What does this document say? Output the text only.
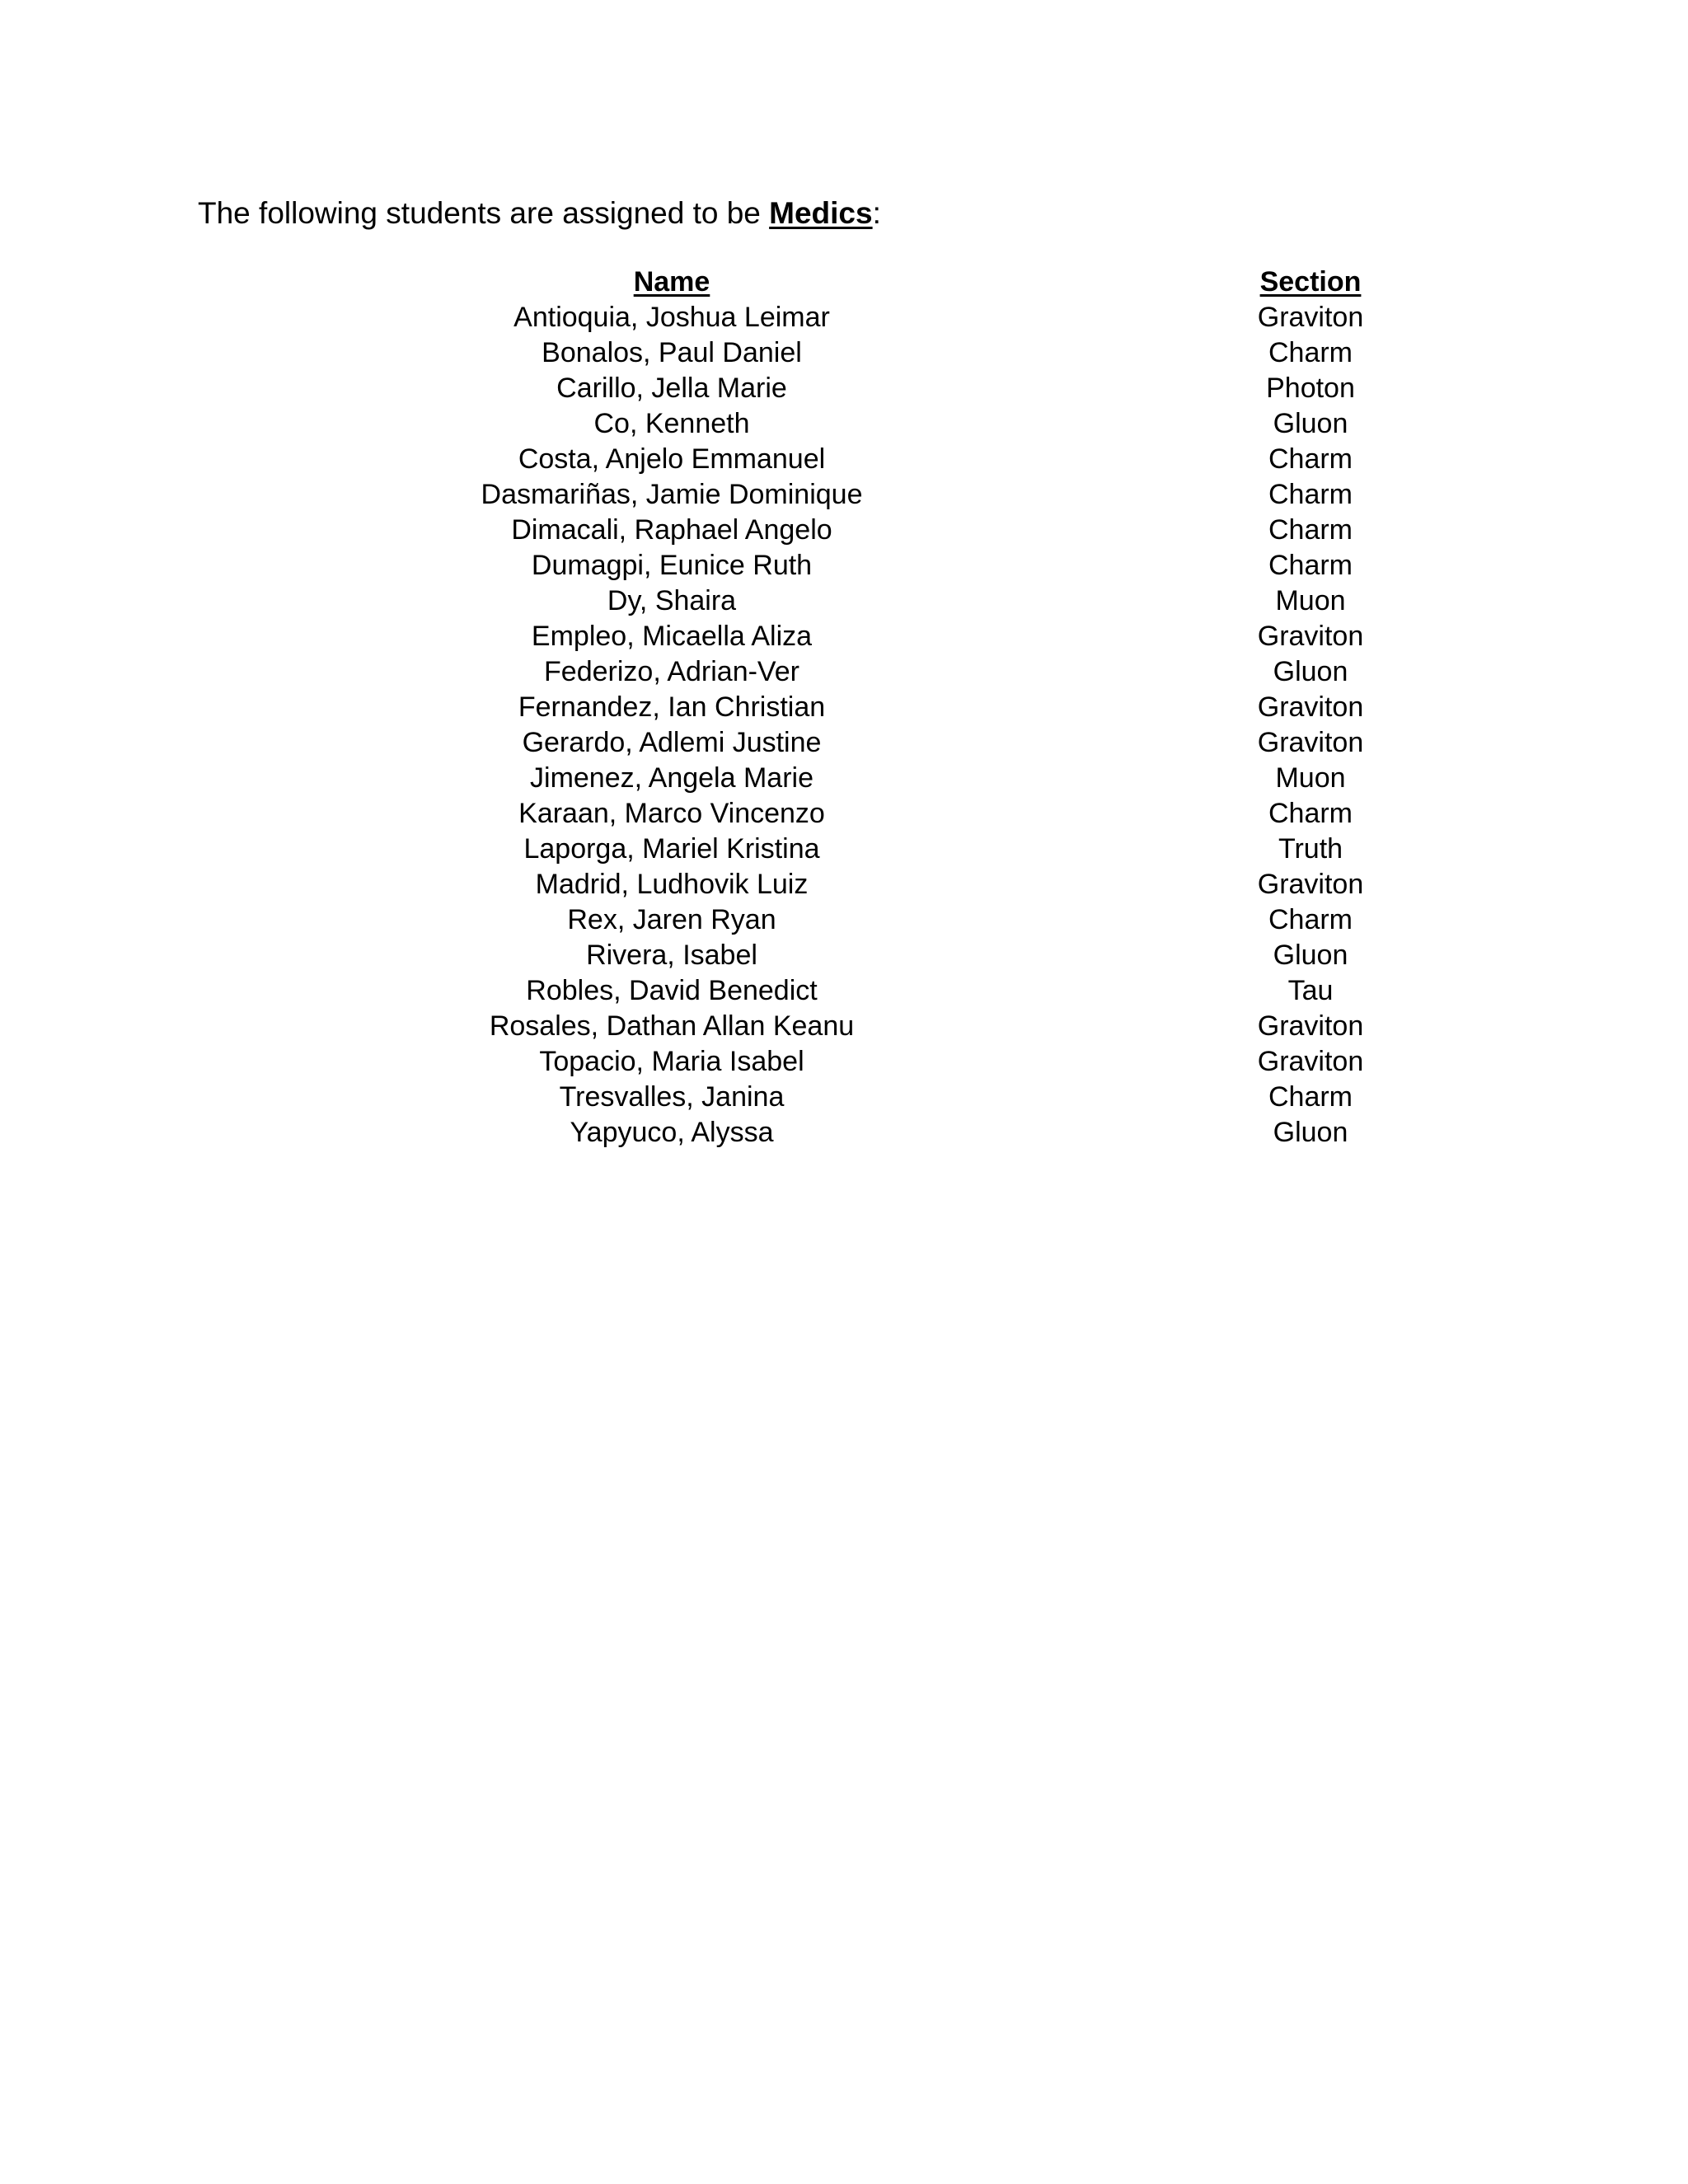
The following students are assigned to be Medics:
Name	Section
Antioquia, Joshua Leimar	Graviton
Bonalos, Paul Daniel	Charm
Carillo, Jella Marie	Photon
Co, Kenneth	Gluon
Costa, Anjelo Emmanuel	Charm
Dasmariñas, Jamie Dominique	Charm
Dimacali, Raphael Angelo	Charm
Dumagpi, Eunice Ruth	Charm
Dy, Shaira	Muon
Empleo, Micaella Aliza	Graviton
Federizo, Adrian-Ver	Gluon
Fernandez, Ian Christian	Graviton
Gerardo, Adlemi Justine	Graviton
Jimenez, Angela Marie	Muon
Karaan, Marco Vincenzo	Charm
Laporga, Mariel Kristina	Truth
Madrid, Ludhovik Luiz	Graviton
Rex, Jaren Ryan	Charm
Rivera, Isabel	Gluon
Robles, David Benedict	Tau
Rosales, Dathan Allan Keanu	Graviton
Topacio, Maria Isabel	Graviton
Tresvalles, Janina	Charm
Yapyuco, Alyssa	Gluon
